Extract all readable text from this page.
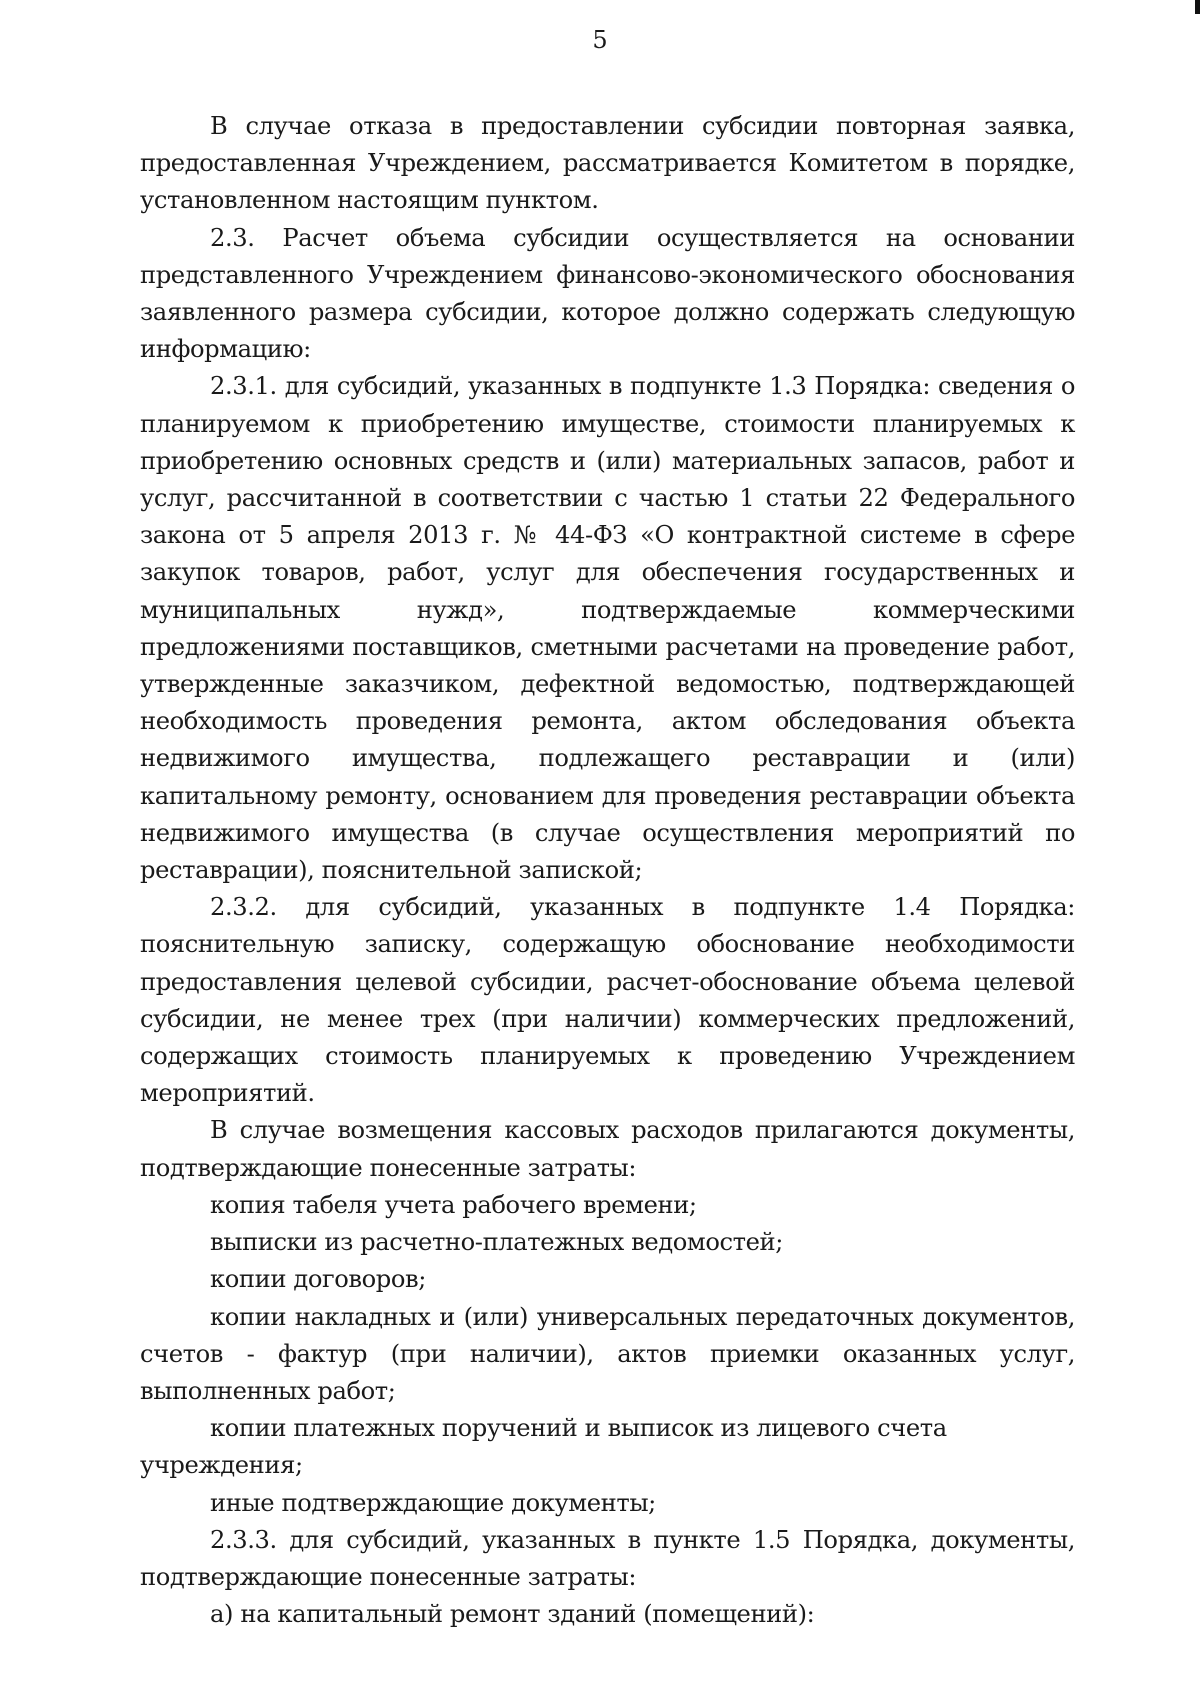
5

В случае отказа в предоставлении субсидии повторная заявка, предоставленная Учреждением, рассматривается Комитетом в порядке, установленном настоящим пунктом.

2.3. Расчет объема субсидии осуществляется на основании представленного Учреждением финансово-экономического обоснования заявленного размера субсидии, которое должно содержать следующую информацию:

2.3.1. для субсидий, указанных в подпункте 1.3 Порядка: сведения о планируемом к приобретению имуществе, стоимости планируемых к приобретению основных средств и (или) материальных запасов, работ и услуг, рассчитанной в соответствии с частью 1 статьи 22 Федерального закона от 5 апреля 2013 г. № 44-ФЗ «О контрактной системе в сфере закупок товаров, работ, услуг для обеспечения государственных и муниципальных нужд», подтверждаемые коммерческими предложениями поставщиков, сметными расчетами на проведение работ, утвержденные заказчиком, дефектной ведомостью, подтверждающей необходимость проведения ремонта, актом обследования объекта недвижимого имущества, подлежащего реставрации и (или) капитальному ремонту, основанием для проведения реставрации объекта недвижимого имущества (в случае осуществления мероприятий по реставрации), пояснительной запиской;

2.3.2. для субсидий, указанных в подпункте 1.4 Порядка: пояснительную записку, содержащую обоснование необходимости предоставления целевой субсидии, расчет-обоснование объема целевой субсидии, не менее трех (при наличии) коммерческих предложений, содержащих стоимость планируемых к проведению Учреждением мероприятий.

В случае возмещения кассовых расходов прилагаются документы, подтверждающие понесенные затраты:

копия табеля учета рабочего времени;

выписки из расчетно-платежных ведомостей;

копии договоров;

копии накладных и (или) универсальных передаточных документов, счетов - фактур (при наличии), актов приемки оказанных услуг, выполненных работ;

копии платежных поручений и выписок из лицевого счета учреждения;

иные подтверждающие документы;

2.3.3. для субсидий, указанных в пункте 1.5 Порядка, документы, подтверждающие понесенные затраты:

а) на капитальный ремонт зданий (помещений):
